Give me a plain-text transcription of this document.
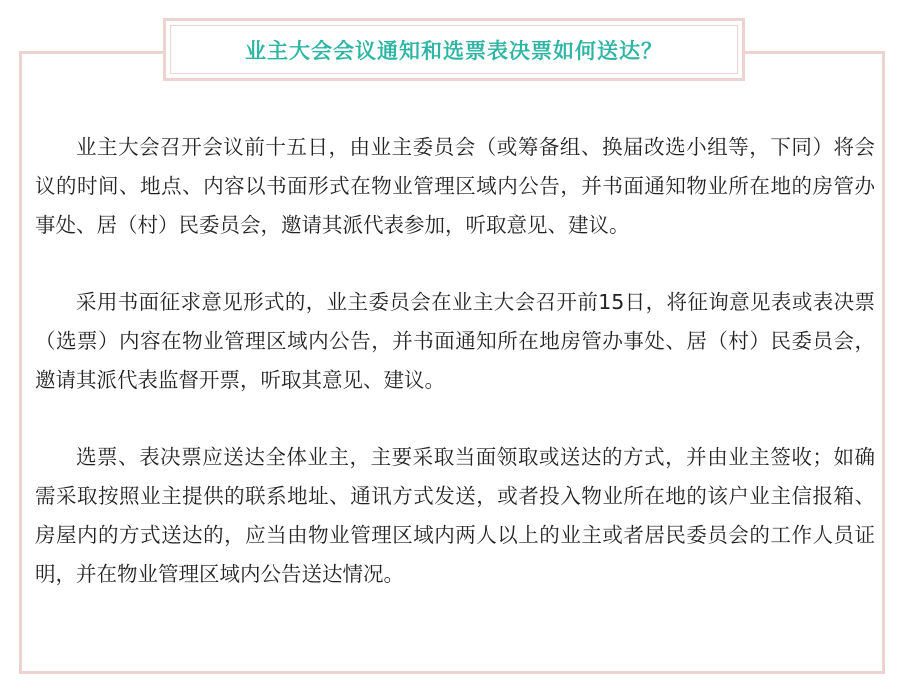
业主大会会议通知和选票表决票如何送达？

业主大会召开会议前十五日，由业主委员会（或筹备组、换届改选小组等，下同）将会议的时间、地点、内容以书面形式在物业管理区域内公告，并书面通知物业所在地的房管办事处、居（村）民委员会，邀请其派代表参加，听取意见、建议。

采用书面征求意见形式的，业主委员会在业主大会召开前15日，将征询意见表或表决票（选票）内容在物业管理区域内公告，并书面通知所在地房管办事处、居（村）民委员会，邀请其派代表监督开票，听取其意见、建议。

选票、表决票应送达全体业主，主要采取当面领取或送达的方式，并由业主签收；如确需采取按照业主提供的联系地址、通讯方式发送，或者投入物业所在地的该户业主信报箱、房屋内的方式送达的，应当由物业管理区域内两人以上的业主或者居民委员会的工作人员证明，并在物业管理区域内公告送达情况。
